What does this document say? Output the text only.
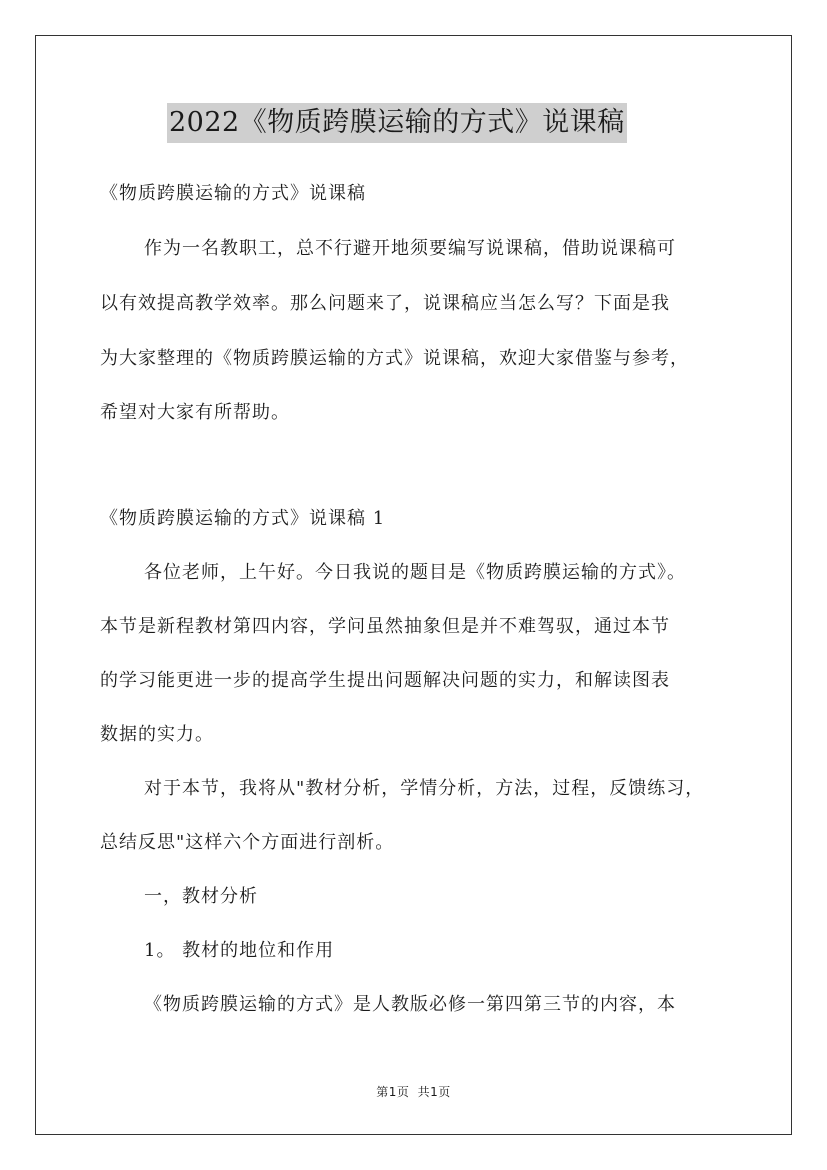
2022《物质跨膜运输的方式》说课稿
《物质跨膜运输的方式》说课稿
作为一名教职工，总不行避开地须要编写说课稿，借助说课稿可
以有效提高教学效率。那么问题来了，说课稿应当怎么写？下面是我
为大家整理的《物质跨膜运输的方式》说课稿，欢迎大家借鉴与参考，
希望对大家有所帮助。
《物质跨膜运输的方式》说课稿 1
各位老师，上午好。今日我说的题目是《物质跨膜运输的方式》。
本节是新程教材第四内容，学问虽然抽象但是并不难驾驭，通过本节
的学习能更进一步的提高学生提出问题解决问题的实力，和解读图表
数据的实力。
对于本节，我将从"教材分析，学情分析，方法，过程，反馈练习，
总结反思"这样六个方面进行剖析。
一，教材分析
1。 教材的地位和作用
《物质跨膜运输的方式》是人教版必修一第四第三节的内容，本
第1页 共1页
